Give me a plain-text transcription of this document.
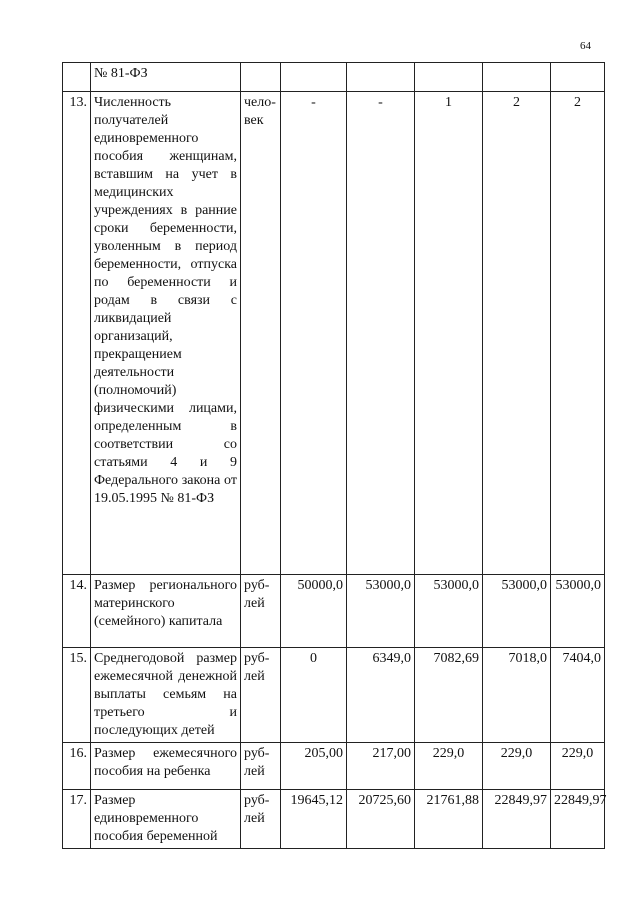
64
	№ 81-ФЗ						
13.	Численность получателей единовременного пособия женщинам, вставшим на учет в медицинских учреждениях в ранние сроки беременности, уволенным в период беременности, отпуска по беременности и родам в связи с ликвидацией организаций, прекращением деятельности (полномочий) физическими лицами, определенным в соответствии со статьями 4 и 9 Федерального закона от 19.05.1995 № 81-ФЗ	чело-
век	-	-	1	2	2
14.	Размер регионального материнского (семейного) капитала	руб-
лей	50000,0	53000,0	53000,0	53000,0	53000,0
15.	Среднегодовой размер ежемесячной денежной выплаты семьям на третьего и последующих детей	руб-
лей	0	6349,0	7082,69	7018,0	7404,0
16.	Размер ежемесячного пособия на ребенка	руб-
лей	205,00	217,00	229,0	229,0	229,0
17.	Размер единовременного пособия беременной	руб-
лей	19645,12	20725,60	21761,88	22849,97	22849,97
